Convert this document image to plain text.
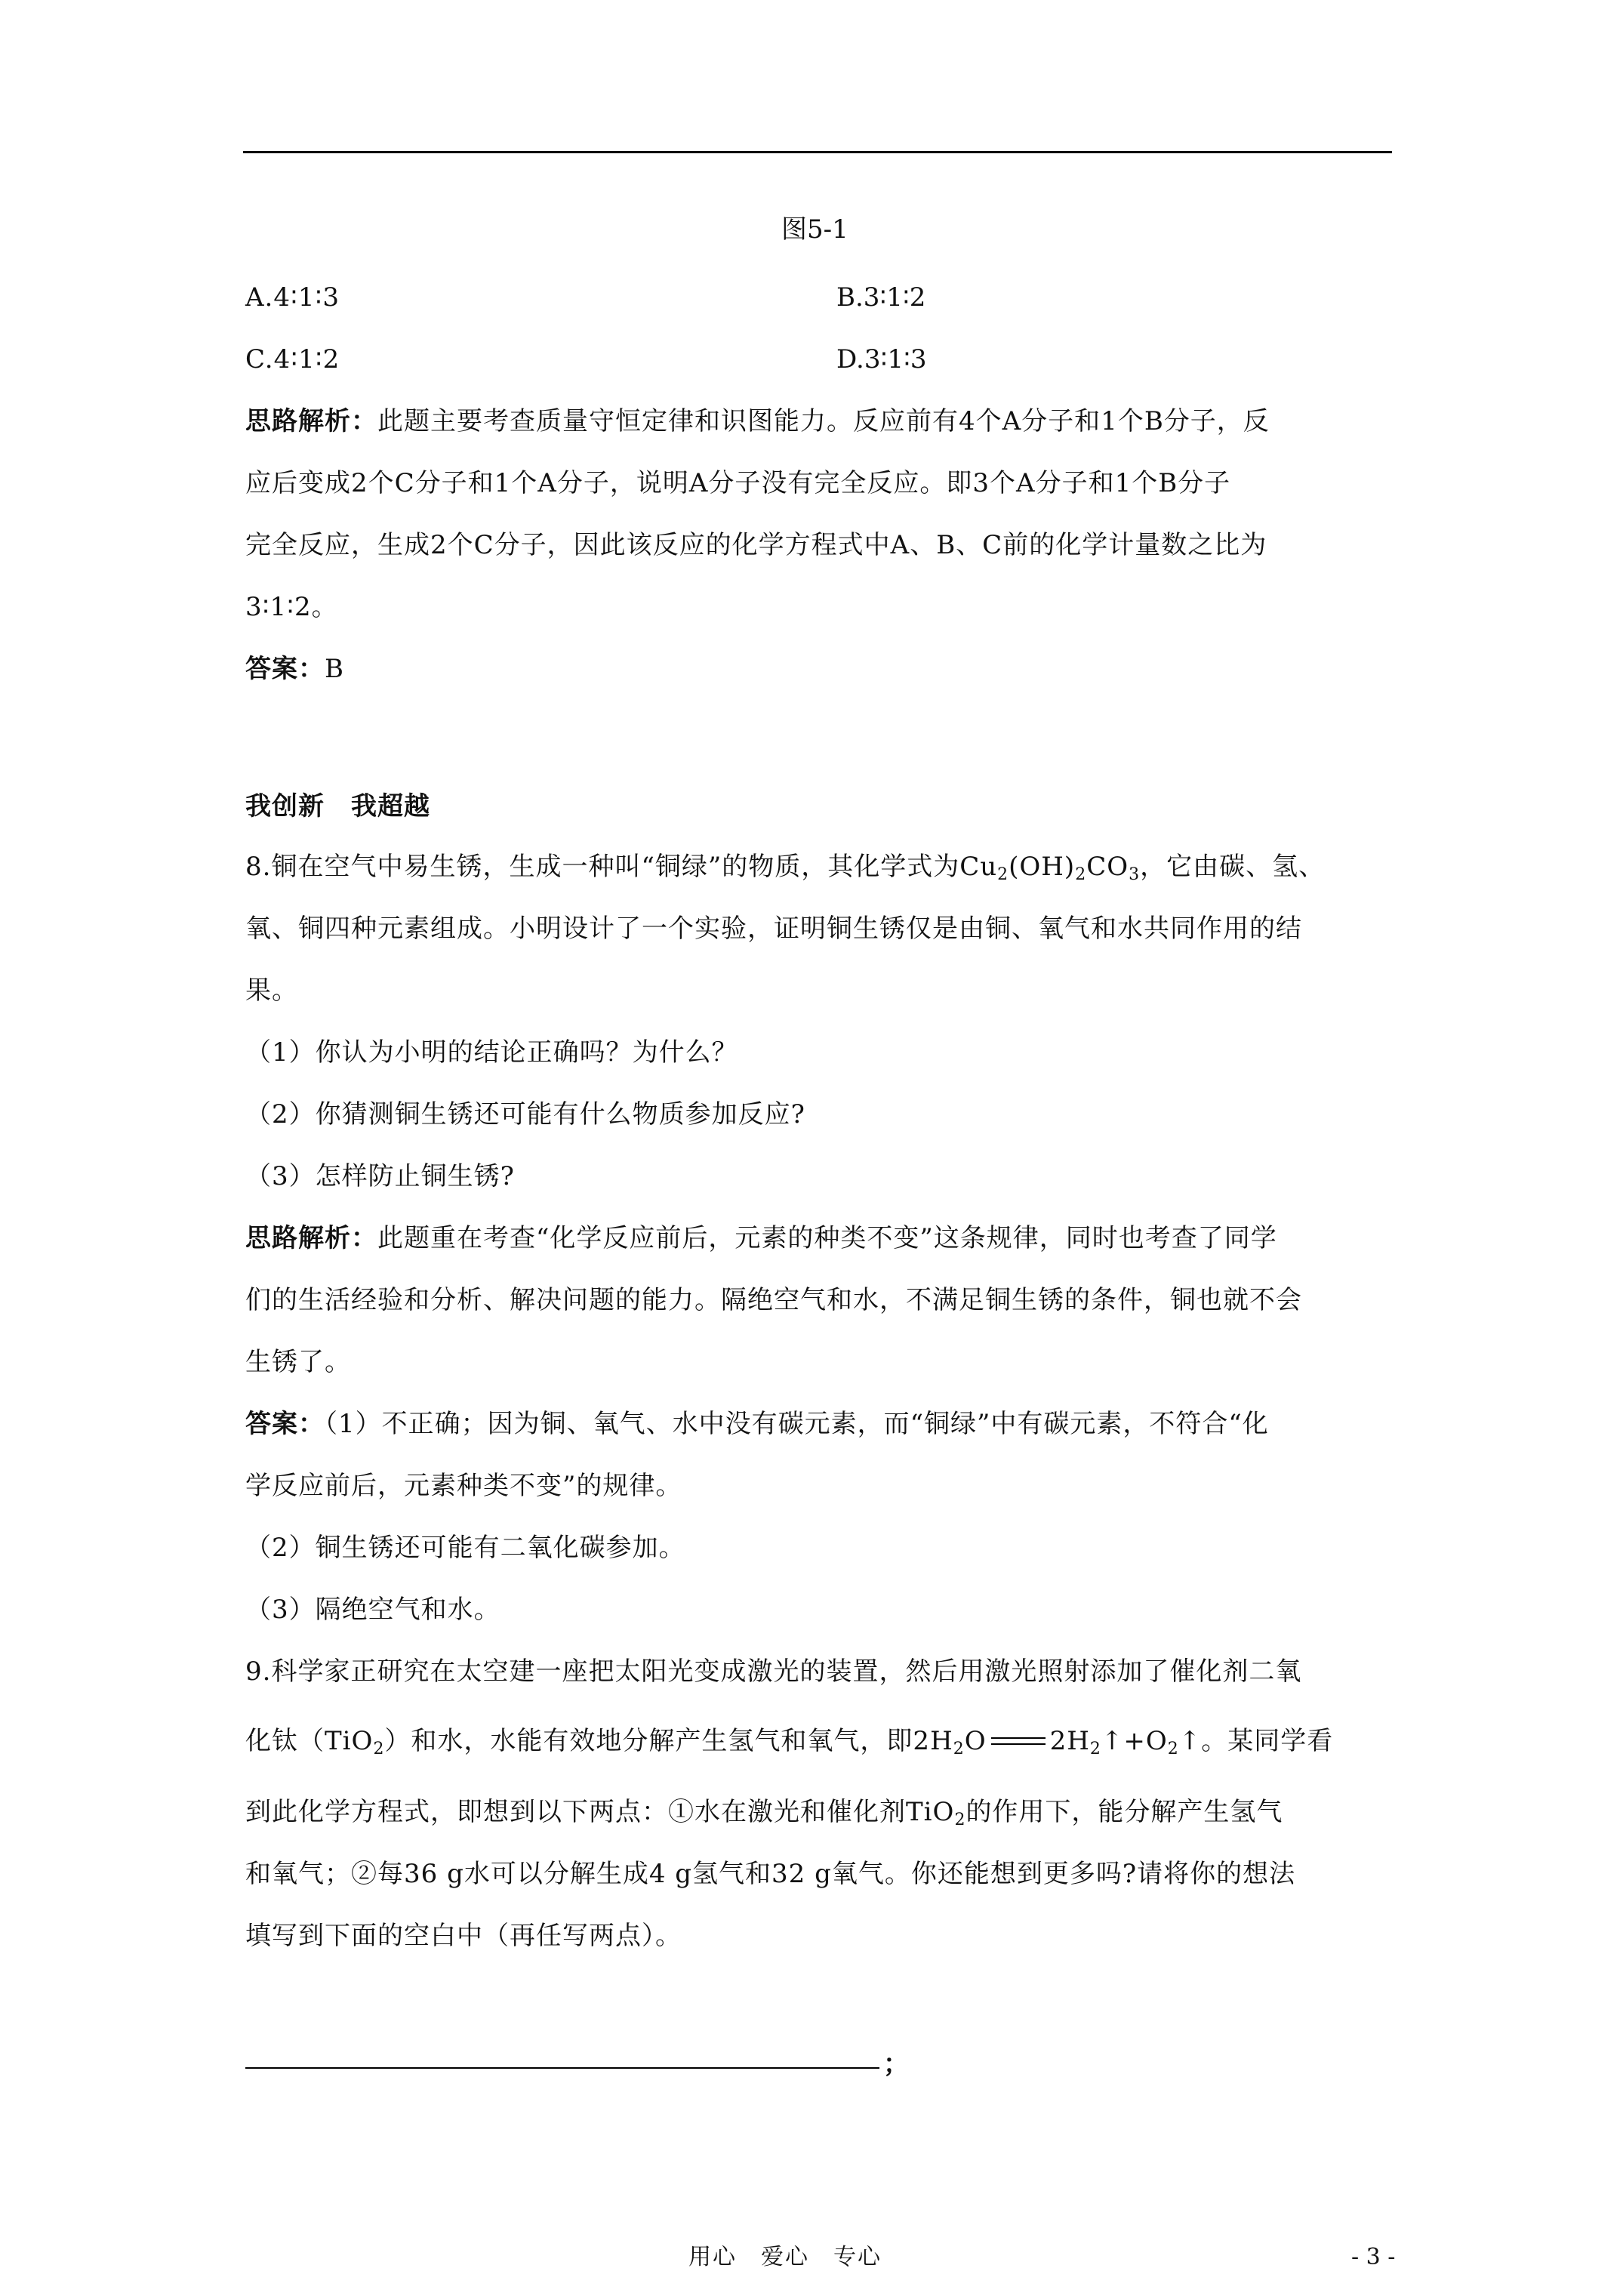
图5-1
A.4∶1∶3	B.3∶1∶2
C.4∶1∶2	D.3∶1∶3
思路解析：此题主要考查质量守恒定律和识图能力。反应前有4个A分子和1个B分子，反
应后变成2个C分子和1个A分子，说明A分子没有完全反应。即3个A分子和1个B分子
完全反应，生成2个C分子，因此该反应的化学方程式中A、B、C前的化学计量数之比为
3∶1∶2。
答案：B
我创新　我超越
8.铜在空气中易生锈，生成一种叫“铜绿”的物质，其化学式为$Cu_2(OH)_2CO_3$，它由碳、氢、
氧、铜四种元素组成。小明设计了一个实验，证明铜生锈仅是由铜、氧气和水共同作用的结
果。
（1）你认为小明的结论正确吗？为什么？
（2）你猜测铜生锈还可能有什么物质参加反应?
（3）怎样防止铜生锈?
思路解析：此题重在考查“化学反应前后，元素的种类不变”这条规律，同时也考查了同学
们的生活经验和分析、解决问题的能力。隔绝空气和水，不满足铜生锈的条件，铜也就不会
生锈了。
答案：（1）不正确；因为铜、氧气、水中没有碳元素，而“铜绿”中有碳元素，不符合“化
学反应前后，元素种类不变”的规律。
（2）铜生锈还可能有二氧化碳参加。
（3）隔绝空气和水。
9.科学家正研究在太空建一座把太阳光变成激光的装置，然后用激光照射添加了催化剂二氧
化钛（TiO$_2$）和水，水能有效地分解产生氢气和氧气，即$2H_2O$ $2H_2↑+O_2↑$。某同学看
到此化学方程式，即想到以下两点：①水在激光和催化剂TiO$_2$的作用下，能分解产生氢气
和氧气；②每36 g水可以分解生成4 g氢气和32 g氧气。你还能想到更多吗?请将你的想法
填写到下面的空白中（再任写两点）。
；
用心　爱心　专心	- 3 -
